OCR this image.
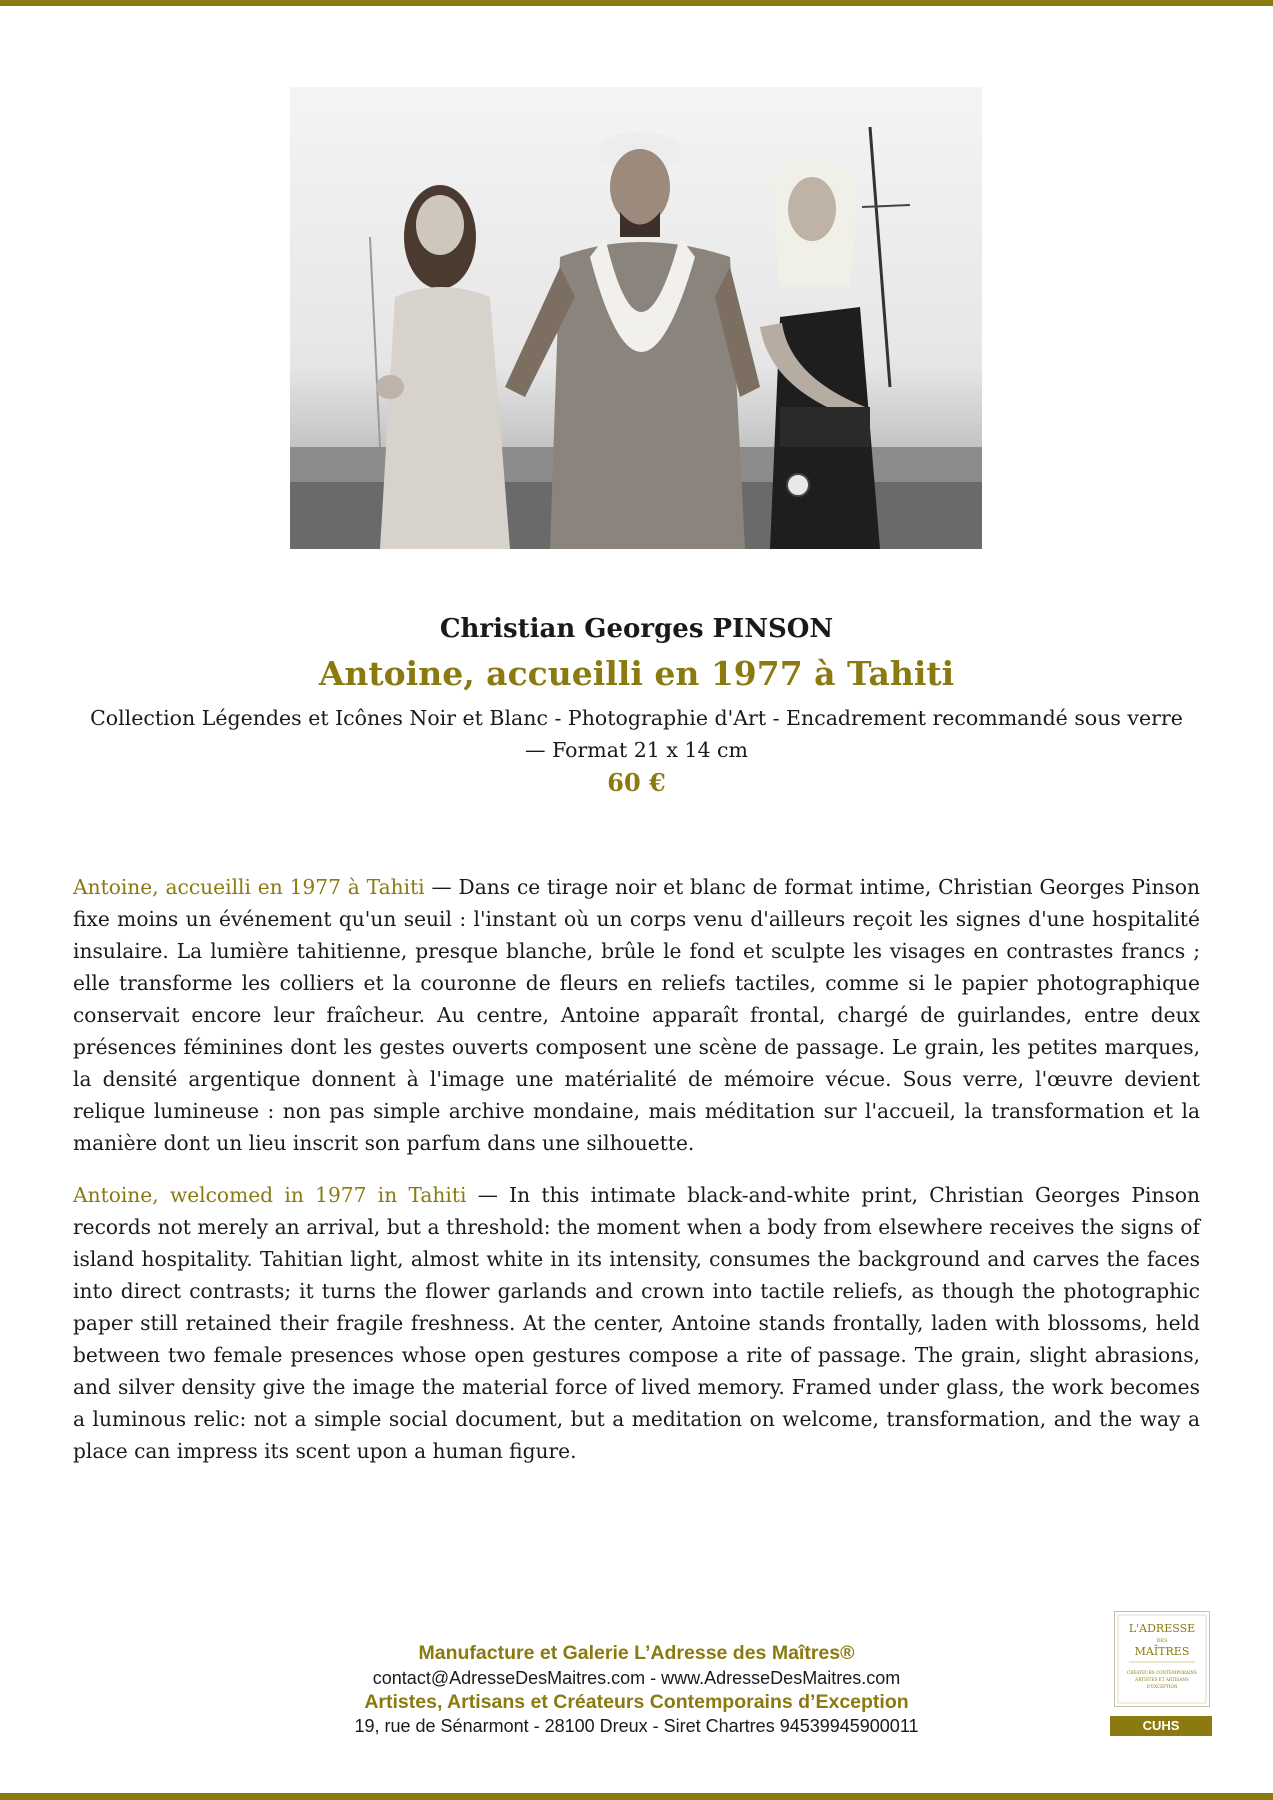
Christian Georges PINSON
Antoine, accueilli en 1977 à Tahiti
Collection Légendes et Icônes Noir et Blanc - Photographie d'Art - Encadrement recommandé sous verre — Format 21 x 14 cm
60 €
Antoine, accueilli en 1977 à Tahiti — Dans ce tirage noir et blanc de format intime, Christian Georges Pinson fixe moins un événement qu'un seuil : l'instant où un corps venu d'ailleurs reçoit les signes d'une hospitalité insulaire. La lumière tahitienne, presque blanche, brûle le fond et sculpte les visages en contrastes francs ; elle transforme les colliers et la couronne de fleurs en reliefs tactiles, comme si le papier photographique conservait encore leur fraîcheur. Au centre, Antoine apparaît frontal, chargé de guirlandes, entre deux présences féminines dont les gestes ouverts composent une scène de passage. Le grain, les petites marques, la densité argentique donnent à l'image une matérialité de mémoire vécue. Sous verre, l'œuvre devient relique lumineuse : non pas simple archive mondaine, mais méditation sur l'accueil, la transformation et la manière dont un lieu inscrit son parfum dans une silhouette.
Antoine, welcomed in 1977 in Tahiti — In this intimate black-and-white print, Christian Georges Pinson records not merely an arrival, but a threshold: the moment when a body from elsewhere receives the signs of island hospitality. Tahitian light, almost white in its intensity, consumes the background and carves the faces into direct contrasts; it turns the flower garlands and crown into tactile reliefs, as though the photographic paper still retained their fragile freshness. At the center, Antoine stands frontally, laden with blossoms, held between two female presences whose open gestures compose a rite of passage. The grain, slight abrasions, and silver density give the image the material force of lived memory. Framed under glass, the work becomes a luminous relic: not a simple social document, but a meditation on welcome, transformation, and the way a place can impress its scent upon a human figure.
Manufacture et Galerie L’Adresse des Maîtres®
contact@AdresseDesMaitres.com - www.AdresseDesMaitres.com
Artistes, Artisans et Créateurs Contemporains d’Exception
19, rue de Sénarmont - 28100 Dreux - Siret Chartres 94539945900011
L'ADRESSE
DES
MAÎTRES
CRÉATEURS CONTEMPORAINS
ARTISTES ET ARTISANS
D'EXCEPTION
CUHS
